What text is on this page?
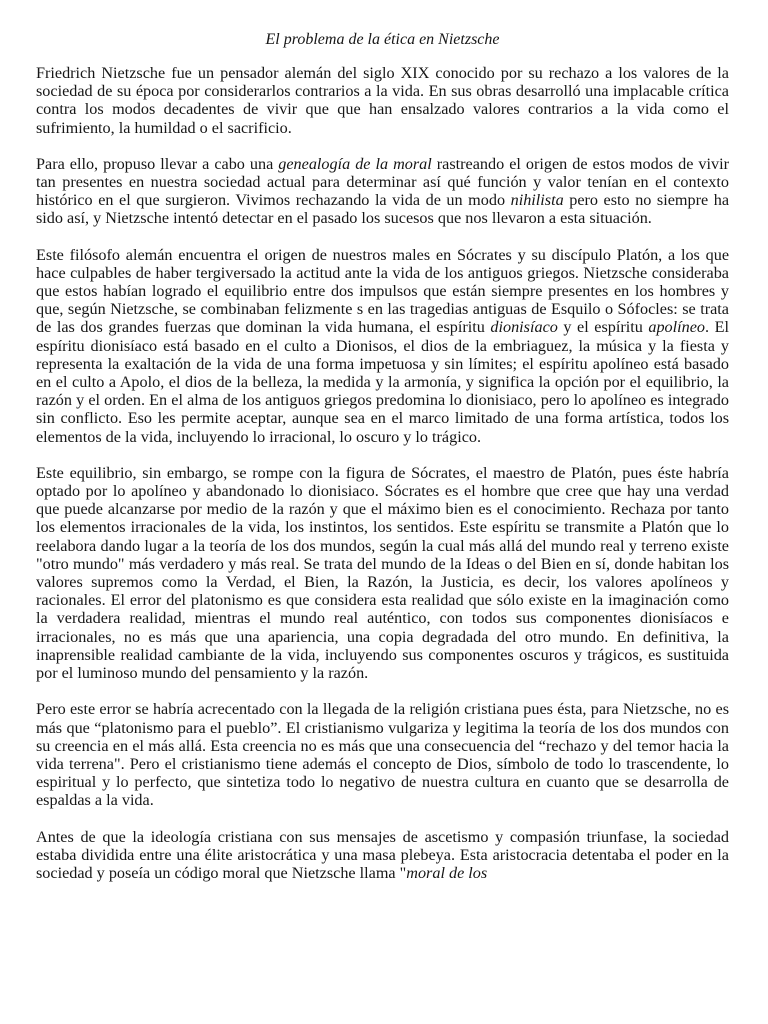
El problema de la ética en Nietzsche

Friedrich Nietzsche fue un pensador alemán del siglo XIX conocido por su rechazo a los valores de la sociedad de su época por considerarlos contrarios a la vida. En sus obras desarrolló una implacable crítica contra los modos decadentes de vivir que que han ensalzado valores contrarios a la vida como el sufrimiento, la humildad o el sacrificio.

Para ello, propuso llevar a cabo una genealogía de la moral rastreando el origen de estos modos de vivir tan presentes en nuestra sociedad actual para determinar así qué función y valor tenían en el contexto histórico en el que surgieron. Vivimos rechazando la vida de un modo nihilista pero esto no siempre ha sido así, y Nietzsche intentó detectar en el pasado los sucesos que nos llevaron a esta situación.

Este filósofo alemán encuentra el origen de nuestros males en Sócrates y su discípulo Platón, a los que hace culpables de haber tergiversado la actitud ante la vida de los antiguos griegos. Nietzsche consideraba que estos habían logrado el equilibrio entre dos impulsos que están siempre presentes en los hombres y que, según Nietzsche, se combinaban felizmente s en las tragedias antiguas de Esquilo o Sófocles: se trata de las dos grandes fuerzas que dominan la vida humana, el espíritu dionisíaco y el espíritu apolíneo. El espíritu dionisíaco está basado en el culto a Dionisos, el dios de la embriaguez, la música y la fiesta y representa la exaltación de la vida de una forma impetuosa y sin límites; el espíritu apolíneo está basado en el culto a Apolo, el dios de la belleza, la medida y la armonía, y significa la opción por el equilibrio, la razón y el orden. En el alma de los antiguos griegos predomina lo dionisiaco, pero lo apolíneo es integrado sin conflicto. Eso les permite aceptar, aunque sea en el marco limitado de una forma artística, todos los elementos de la vida, incluyendo lo irracional, lo oscuro y lo trágico.

Este equilibrio, sin embargo, se rompe con la figura de Sócrates, el maestro de Platón, pues éste habría optado por lo apolíneo y abandonado lo dionisiaco. Sócrates es el hombre que cree que hay una verdad que puede alcanzarse por medio de la razón y que el máximo bien es el conocimiento. Rechaza por tanto los elementos irracionales de la vida, los instintos, los sentidos. Este espíritu se transmite a Platón que lo reelabora dando lugar a la teoría de los dos mundos, según la cual más allá del mundo real y terreno existe "otro mundo" más verdadero y más real. Se trata del mundo de la Ideas o del Bien en sí, donde habitan los valores supremos como la Verdad, el Bien, la Razón, la Justicia, es decir, los valores apolíneos y racionales. El error del platonismo es que considera esta realidad que sólo existe en la imaginación como la verdadera realidad, mientras el mundo real auténtico, con todos sus componentes dionisíacos e irracionales, no es más que una apariencia, una copia degradada del otro mundo. En definitiva, la inaprensible realidad cambiante de la vida, incluyendo sus componentes oscuros y trágicos, es sustituida por el luminoso mundo del pensamiento y la razón.

Pero este error se habría acrecentado con la llegada de la religión cristiana pues ésta, para Nietzsche, no es más que “platonismo para el pueblo”. El cristianismo vulgariza y legitima la teoría de los dos mundos con su creencia en el más allá. Esta creencia no es más que una consecuencia del “rechazo y del temor hacia la vida terrena". Pero el cristianismo tiene además el concepto de Dios, símbolo de todo lo trascendente, lo espiritual y lo perfecto, que sintetiza todo lo negativo de nuestra cultura en cuanto que se desarrolla de espaldas a la vida.

Antes de que la ideología cristiana con sus mensajes de ascetismo y compasión triunfase, la sociedad estaba dividida entre una élite aristocrática y una masa plebeya. Esta aristocracia detentaba el poder en la sociedad y poseía un código moral que Nietzsche llama "moral de los
